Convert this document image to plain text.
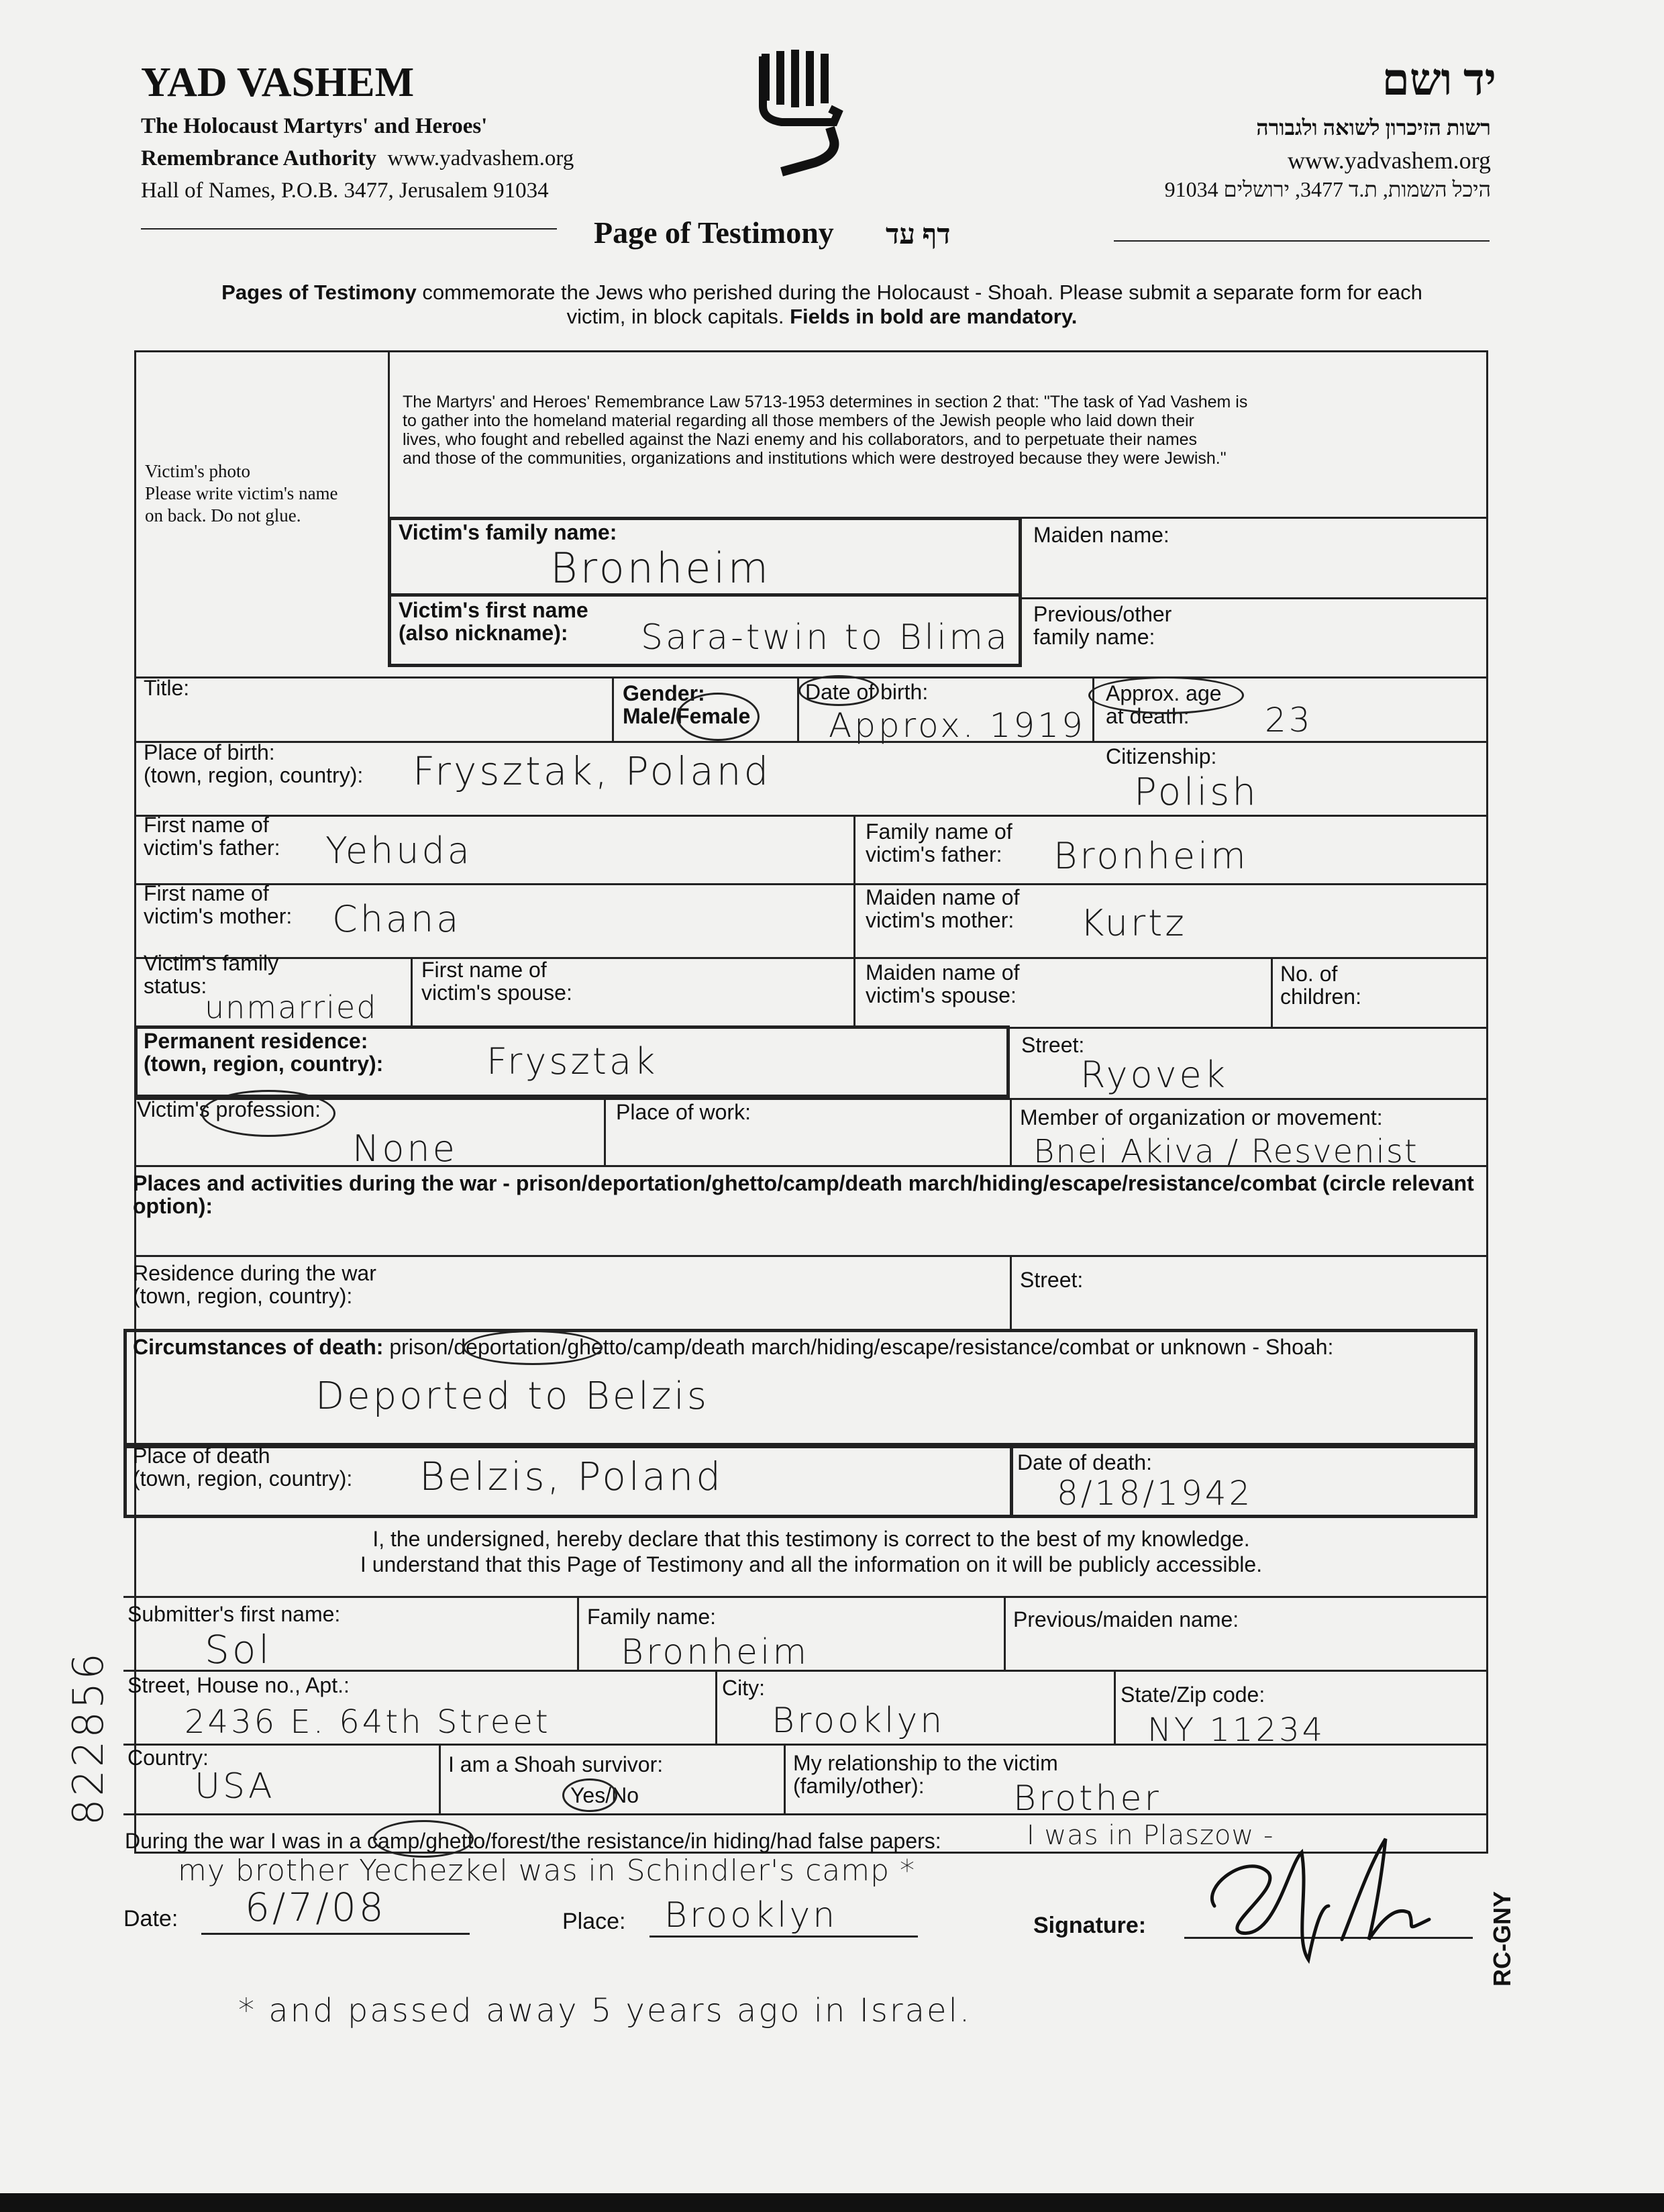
YAD VASHEM
The Holocaust Martyrs' and Heroes'
Remembrance Authority www.yadvashem.org
Hall of Names, P.O.B. 3477, Jerusalem 91034
יד ושם
רשות הזיכרון לשואה ולגבורה
www.yadvashem.org
היכל השמות, ת.ד 3477, ירושלים 91034
Page of Testimony דף עד
Pages of Testimony commemorate the Jews who perished during the Holocaust - Shoah. Please submit a separate form for each
victim, in block capitals. Fields in bold are mandatory.
Victim's photo
Please write victim's name
on back. Do not glue.
The Martyrs' and Heroes' Remembrance Law 5713-1953 determines in section 2 that: "The task of Yad Vashem is
to gather into the homeland material regarding all those members of the Jewish people who laid down their
lives, who fought and rebelled against the Nazi enemy and his collaborators, and to perpetuate their names
and those of the communities, organizations and institutions which were destroyed because they were Jewish."
Victim's family name:
Bronheim
Maiden name:
Victim's first name
(also nickname):	Sara-twin to Blima
Previous/other
family name:
Title:	Gender:
Male/Female
Date of birth:
Approx. 1919
Approx. age
at death:	23
Place of birth:
(town, region, country): Frysztak, Poland	Citizenship:
Polish
First name of
victim's father: Yehuda	Family name of
victim's father: Bronheim
First name of
victim's mother: Chana
Maiden name of
victim's mother: Kurtz
Victim's family
status:
unmarried
First name of
victim's spouse:
Maiden name of
victim's spouse:
No. of
children:
Permanent residence:
(town, region, country):	Frysztak	Street:
Ryovek
Victim's profession:
None
Place of work:	Member of organization or movement:
Bnei Akiva / Resvenist
Places and activities during the war - prison/deportation/ghetto/camp/death march/hiding/escape/resistance/combat (circle relevant
option):
Residence during the war
(town, region, country):
Street:
Circumstances of death: prison/deportation/ghetto/camp/death march/hiding/escape/resistance/combat or unknown - Shoah:
Deported to Belzis
Place of death
(town, region, country): Belzis, Poland	Date of death:
8/18/1942
I, the undersigned, hereby declare that this testimony is correct to the best of my knowledge.
I understand that this Page of Testimony and all the information on it will be publicly accessible.
Submitter's first name:
Sol
Family name:
Bronheim
Previous/maiden name:
Street, House no., Apt.:
2436 E. 64th Street
City:
Brooklyn
State/Zip code:
NY 11234
Country:
USA
I am a Shoah survivor:
Yes/No
My relationship to the victim
(family/other):	Brother
During the war I was in a camp/ghetto/forest/the resistance/in hiding/had false papers:	I was in Plaszow -
my brother Yechezkel was in Schindler's camp *
Date: 6/7/08	Place: Brooklyn	Signature:
* and passed away 5 years ago in Israel.
822856
RC-GNY
